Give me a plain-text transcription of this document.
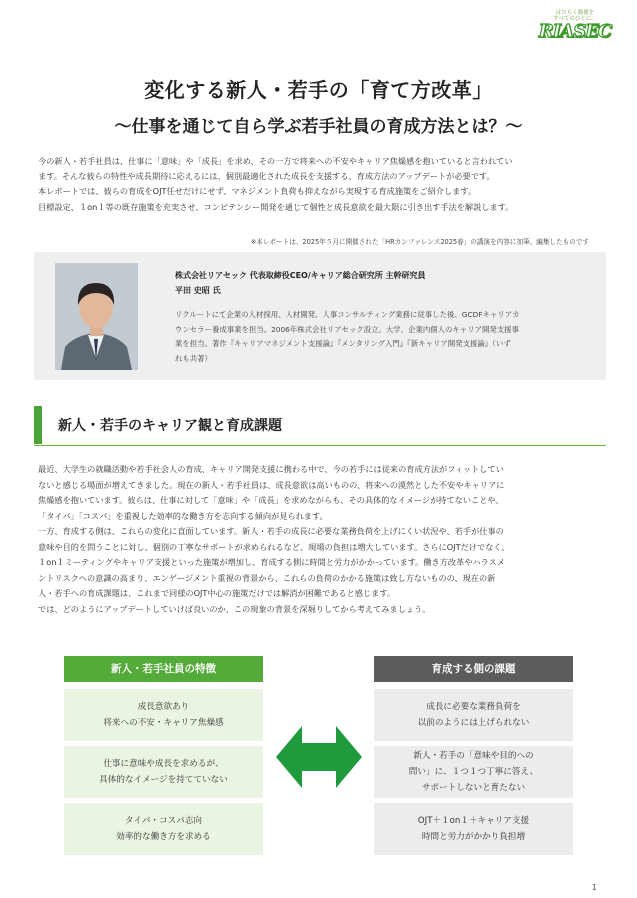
はたらく価値を
すべてのひとに。
RIASEC
変化する新人・若手の「育て方改革」
～仕事を通じて自ら学ぶ若手社員の育成方法とは？～

今の新人・若手社員は、仕事に「意味」や「成長」を求め、その一方で将来への不安やキャリア焦燥感を抱いていると言われてい

ます。そんな彼らの特性や成長期待に応えるには、個別最適化された成長を支援する、育成方法のアップデートが必要です。

本レポートでは、彼らの育成をOJT任せだけにせず、マネジメント負荷も抑えながら実現する育成施策をご紹介します。

目標設定、１on１等の既存施策を充実させ、コンピテンシー開発を通じて個性と成長意欲を最大限に引き出す手法を解説します。

※本レポートは、2025年５月に開催された「HRカンファレンス2025春」の講演を内容に加筆、編集したものです
株式会社リアセック 代表取締役CEO/キャリア総合研究所 主幹研究員
平田 史昭 氏

リクルートにて企業の人材採用、人材開発、人事コンサルティング業務に従事した後、GCDFキャリアカ

ウンセラー養成事業を担当。2006年株式会社リアセック設立。大学、企業内個人のキャリア開発支援事

業を担当。著作『キャリアマネジメント支援論』『メンタリング入門』『新キャリア開発支援論』（いず

れも共著）

新人・若手のキャリア観と育成課題

最近、大学生の就職活動や若手社会人の育成、キャリア開発支援に携わる中で、今の若手には従来の育成方法がフィットしてい

ないと感じる場面が増えてきました。現在の新人・若手社員は、成長意欲は高いものの、将来への漠然とした不安やキャリアに

焦燥感を抱いています。彼らは、仕事に対して「意味」や「成長」を求めながらも、その具体的なイメージが持てないことや、

「タイパ」「コスパ」を重視した効率的な働き方を志向する傾向が見られます。

一方、育成する側は、これらの変化に直面しています。新人・若手の成長に必要な業務負荷を上げにくい状況や、若手が仕事の

意味や目的を問うことに対し、個別の丁寧なサポートが求められるなど、現場の負担は増大しています。さらにOJTだけでなく、

１on１ミーティングやキャリア支援といった施策が増加し、育成する側に時間と労力がかかっています。働き方改革やハラスメ

ントリスクへの意識の高まり、エンゲージメント重視の背景から、これらの負荷のかかる施策は致し方ないものの、現在の新

人・若手への育成課題は、これまで同様のOJT中心の施策だけでは解消が困難であると感じます。

では、どのようにアップデートしていけば良いのか、この現象の背景を深堀りしてから考えてみましょう。

新人・若手社員の特徴	育成する側の課題
成長意欲あり
将来への不安・キャリア焦燥感
仕事に意味や成長を求めるが、
具体的なイメージを持てていない
タイパ・コスパ志向
効率的な働き方を求める
成長に必要な業務負荷を
以前のようには上げられない
新人・若手の「意味や目的への
問い」に、１つ１つ丁寧に答え、
サポートしないと育たない
OJT＋１on１＋キャリア支援
時間と労力がかかり負担増
1
